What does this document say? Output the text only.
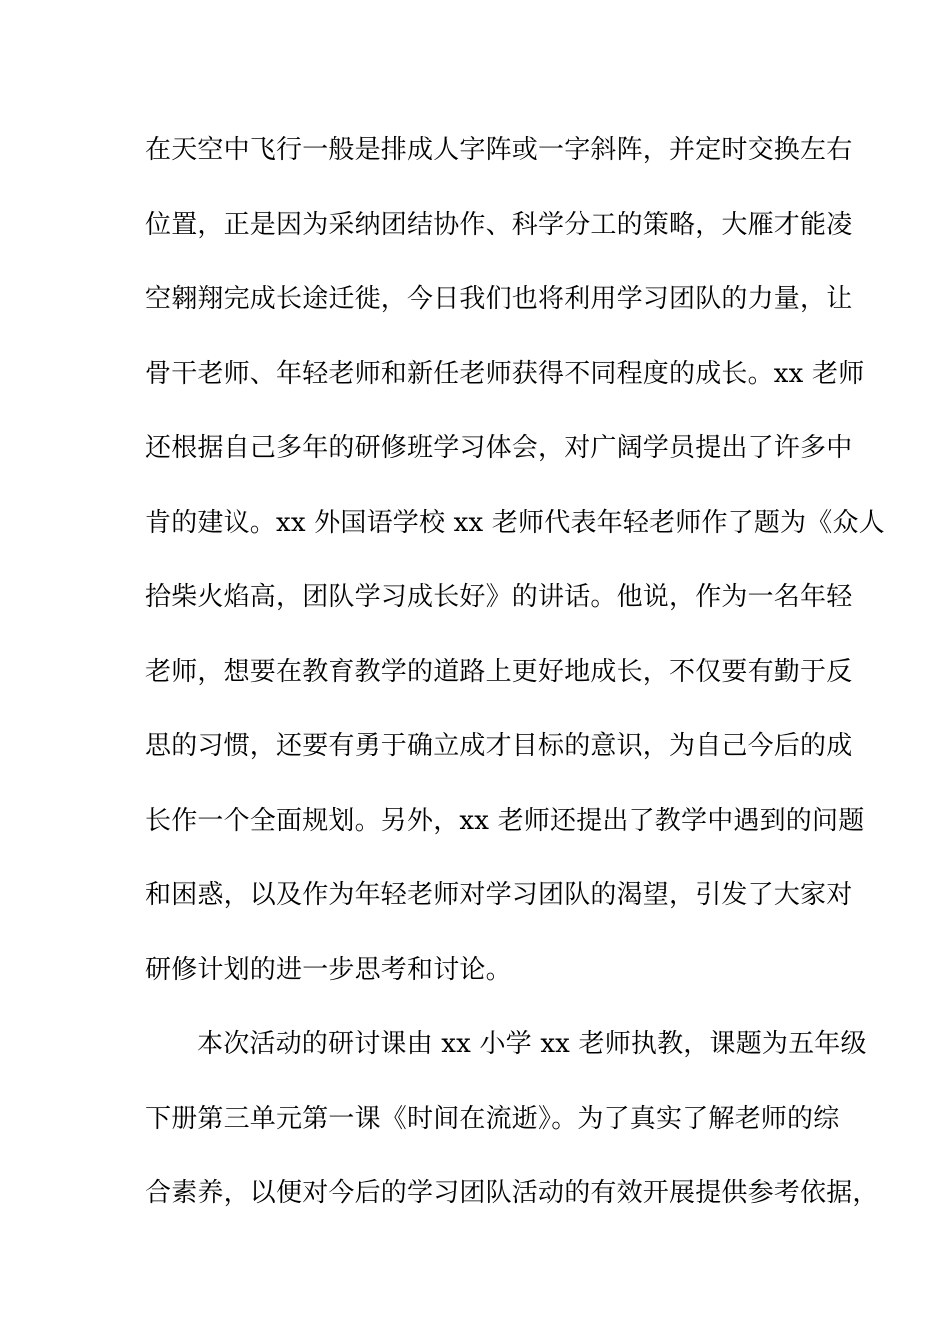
在天空中飞行一般是排成人字阵或一字斜阵，并定时交换左右
位置，正是因为采纳团结协作、科学分工的策略，大雁才能凌
空翱翔完成长途迁徙，今日我们也将利用学习团队的力量，让
骨干老师、年轻老师和新任老师获得不同程度的成长。xx 老师
还根据自己多年的研修班学习体会，对广阔学员提出了许多中
肯的建议。xx 外国语学校 xx 老师代表年轻老师作了题为《众人
拾柴火焰高，团队学习成长好》的讲话。他说，作为一名年轻
老师，想要在教育教学的道路上更好地成长，不仅要有勤于反
思的习惯，还要有勇于确立成才目标的意识，为自己今后的成
长作一个全面规划。另外，xx 老师还提出了教学中遇到的问题
和困惑，以及作为年轻老师对学习团队的渴望，引发了大家对
研修计划的进一步思考和讨论。
本次活动的研讨课由 xx 小学 xx 老师执教，课题为五年级
下册第三单元第一课《时间在流逝》。为了真实了解老师的综
合素养，以便对今后的学习团队活动的有效开展提供参考依据，
